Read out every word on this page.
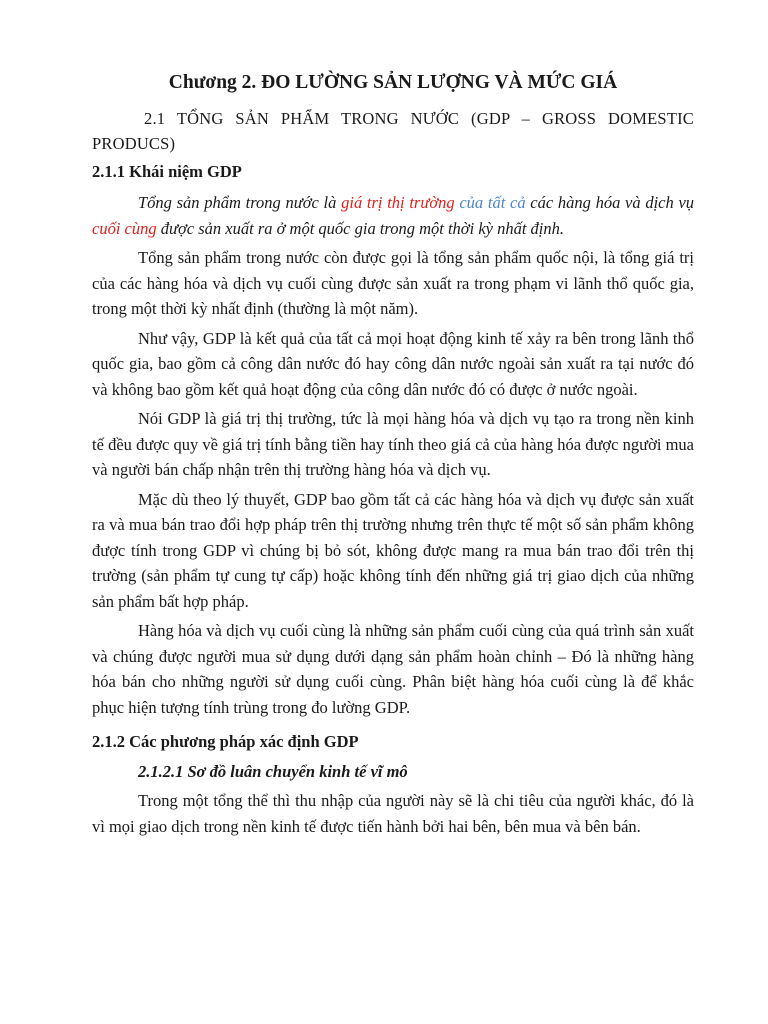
Chương 2. ĐO LƯỜNG SẢN LƯỢNG VÀ MỨC GIÁ
2.1 TỔNG SẢN PHẨM TRONG NƯỚC (GDP – GROSS DOMESTIC PRODUCS)
2.1.1 Khái niệm GDP

Tổng sản phẩm trong nước là giá trị thị trường của tất cả các hàng hóa và dịch vụ cuối cùng được sản xuất ra ở một quốc gia trong một thời kỳ nhất định.

Tổng sản phẩm trong nước còn được gọi là tổng sản phẩm quốc nội, là tổng giá trị của các hàng hóa và dịch vụ cuối cùng được sản xuất ra trong phạm vi lãnh thổ quốc gia, trong một thời kỳ nhất định (thường là một năm).

Như vậy, GDP là kết quả của tất cả mọi hoạt động kinh tế xảy ra bên trong lãnh thổ quốc gia, bao gồm cả công dân nước đó hay công dân nước ngoài sản xuất ra tại nước đó và không bao gồm kết quả hoạt động của công dân nước đó có được ở nước ngoài.

Nói GDP là giá trị thị trường, tức là mọi hàng hóa và dịch vụ tạo ra trong nền kinh tế đều được quy về giá trị tính bằng tiền hay tính theo giá cả của hàng hóa được người mua và người bán chấp nhận trên thị trường hàng hóa và dịch vụ.

Mặc dù theo lý thuyết, GDP bao gồm tất cả các hàng hóa và dịch vụ được sản xuất ra và mua bán trao đổi hợp pháp trên thị trường nhưng trên thực tế một số sản phẩm không được tính trong GDP vì chúng bị bỏ sót, không được mang ra mua bán trao đổi trên thị trường (sản phẩm tự cung tự cấp) hoặc không tính đến những giá trị giao dịch của những sản phẩm bất hợp pháp.

Hàng hóa và dịch vụ cuối cùng là những sản phẩm cuối cùng của quá trình sản xuất và chúng được người mua sử dụng dưới dạng sản phẩm hoàn chỉnh – Đó là những hàng hóa bán cho những người sử dụng cuối cùng. Phân biệt hàng hóa cuối cùng là để khắc phục hiện tượng tính trùng trong đo lường GDP.

2.1.2 Các phương pháp xác định GDP
2.1.2.1 Sơ đồ luân chuyển kinh tế vĩ mô

Trong một tổng thể thì thu nhập của người này sẽ là chi tiêu của người khác, đó là vì mọi giao dịch trong nền kinh tế được tiến hành bởi hai bên, bên mua và bên bán.
